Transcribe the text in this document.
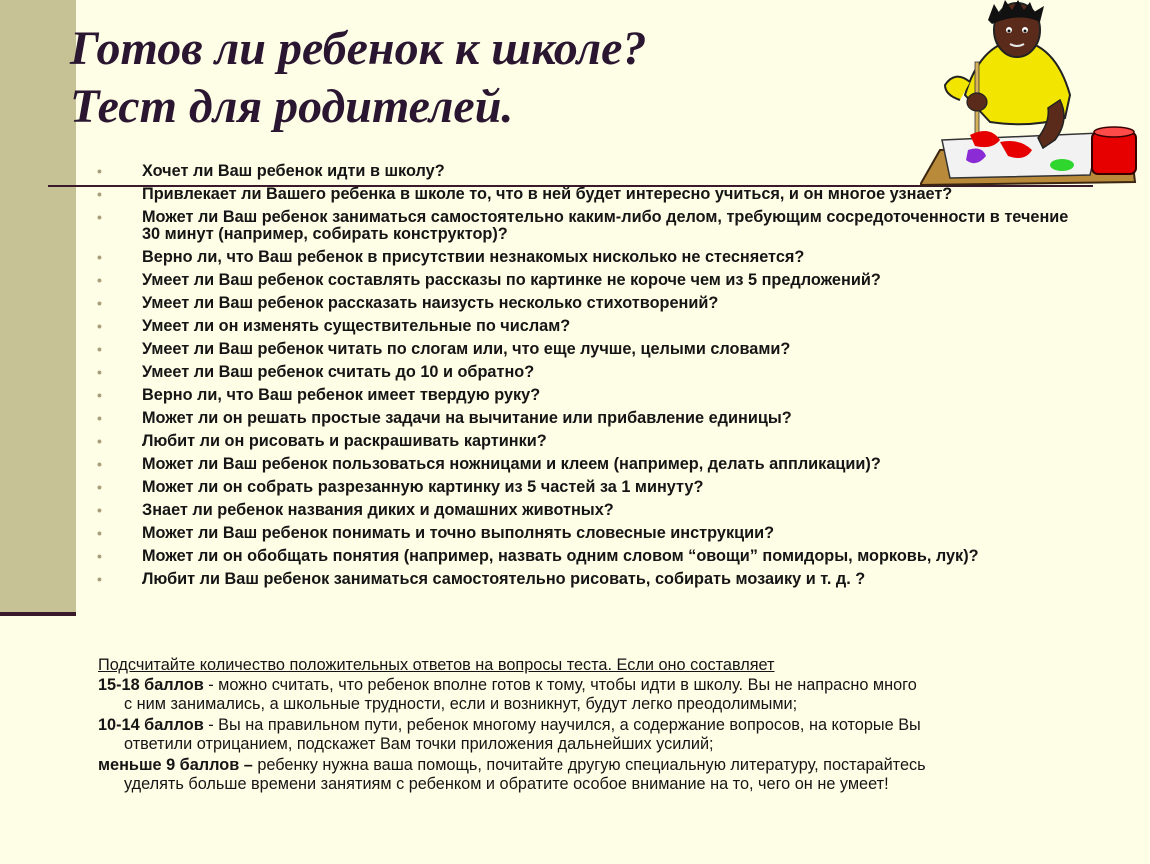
Готов ли ребенок к школе?
Тест для родителей.
• Хочет ли Ваш ребенок идти в школу?
• Привлекает ли Вашего ребенка в школе то, что в ней будет интересно учиться, и он многое узнает?
• Может ли Ваш ребенок заниматься самостоятельно каким-либо делом, требующим сосредоточенности в течение 30 минут (например, собирать конструктор)?
• Верно ли, что Ваш ребенок в присутствии незнакомых нисколько не стесняется?
• Умеет ли Ваш ребенок составлять рассказы по картинке не короче чем из 5 предложений?
• Умеет ли Ваш ребенок рассказать наизусть несколько стихотворений?
• Умеет ли он изменять существительные по числам?
• Умеет ли Ваш ребенок читать по слогам или, что еще лучше, целыми словами?
• Умеет ли Ваш ребенок считать до 10 и обратно?
• Верно ли, что Ваш ребенок имеет твердую руку?
• Может ли он решать простые задачи на вычитание или прибавление единицы?
• Любит ли он рисовать и раскрашивать картинки?
• Может ли Ваш ребенок пользоваться ножницами и клеем (например, делать аппликации)?
• Может ли он собрать разрезанную картинку из 5 частей за 1 минуту?
• Знает ли ребенок названия диких и домашних животных?
• Может ли Ваш ребенок понимать и точно выполнять словесные инструкции?
• Может ли он обобщать понятия (например, назвать одним словом “овощи” помидоры, морковь, лук)?
• Любит ли Ваш ребенок заниматься самостоятельно рисовать, собирать мозаику и т. д. ?

Подсчитайте количество положительных ответов на вопросы теста. Если оно составляет

15-18 баллов - можно считать, что ребенок вполне готов к тому, чтобы идти в школу. Вы не напрасно много
с ним занимались, а школьные трудности, если и возникнут, будут легко преодолимыми;

10-14 баллов - Вы на правильном пути, ребенок многому научился, а содержание вопросов, на которые Вы
ответили отрицанием, подскажет Вам точки приложения дальнейших усилий;

меньше 9 баллов – ребенку нужна ваша помощь, почитайте другую специальную литературу, постарайтесь
уделять больше времени занятиям с ребенком и обратите особое внимание на то, чего он не умеет!
